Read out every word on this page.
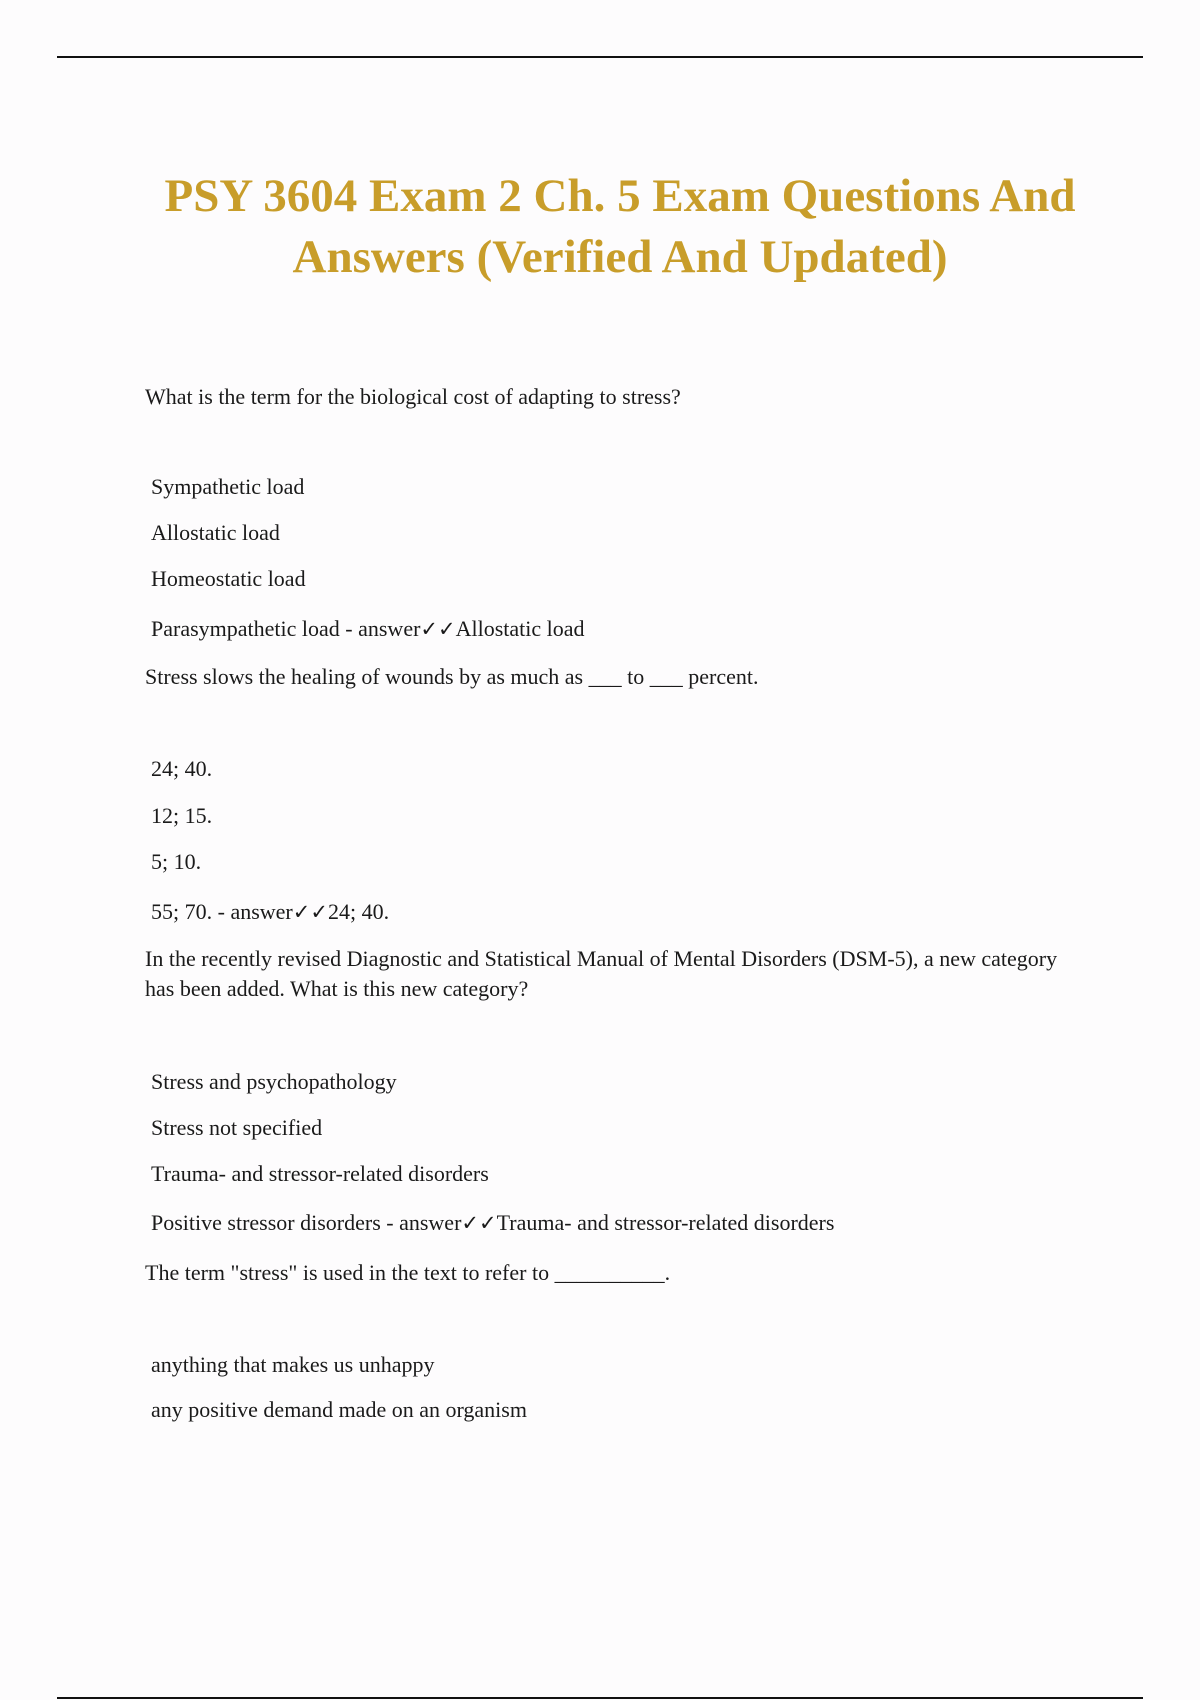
PSY 3604 Exam 2 Ch. 5 Exam Questions And Answers (Verified And Updated)
What is the term for the biological cost of adapting to stress?
Sympathetic load
Allostatic load
Homeostatic load
Parasympathetic load - answer✓✓Allostatic load
Stress slows the healing of wounds by as much as ___ to ___ percent.
24; 40.
12; 15.
5; 10.
55; 70. - answer✓✓24; 40.
In the recently revised Diagnostic and Statistical Manual of Mental Disorders (DSM-5), a new category has been added. What is this new category?
Stress and psychopathology
Stress not specified
Trauma- and stressor-related disorders
Positive stressor disorders - answer✓✓Trauma- and stressor-related disorders
The term "stress" is used in the text to refer to __________.
anything that makes us unhappy
any positive demand made on an organism
